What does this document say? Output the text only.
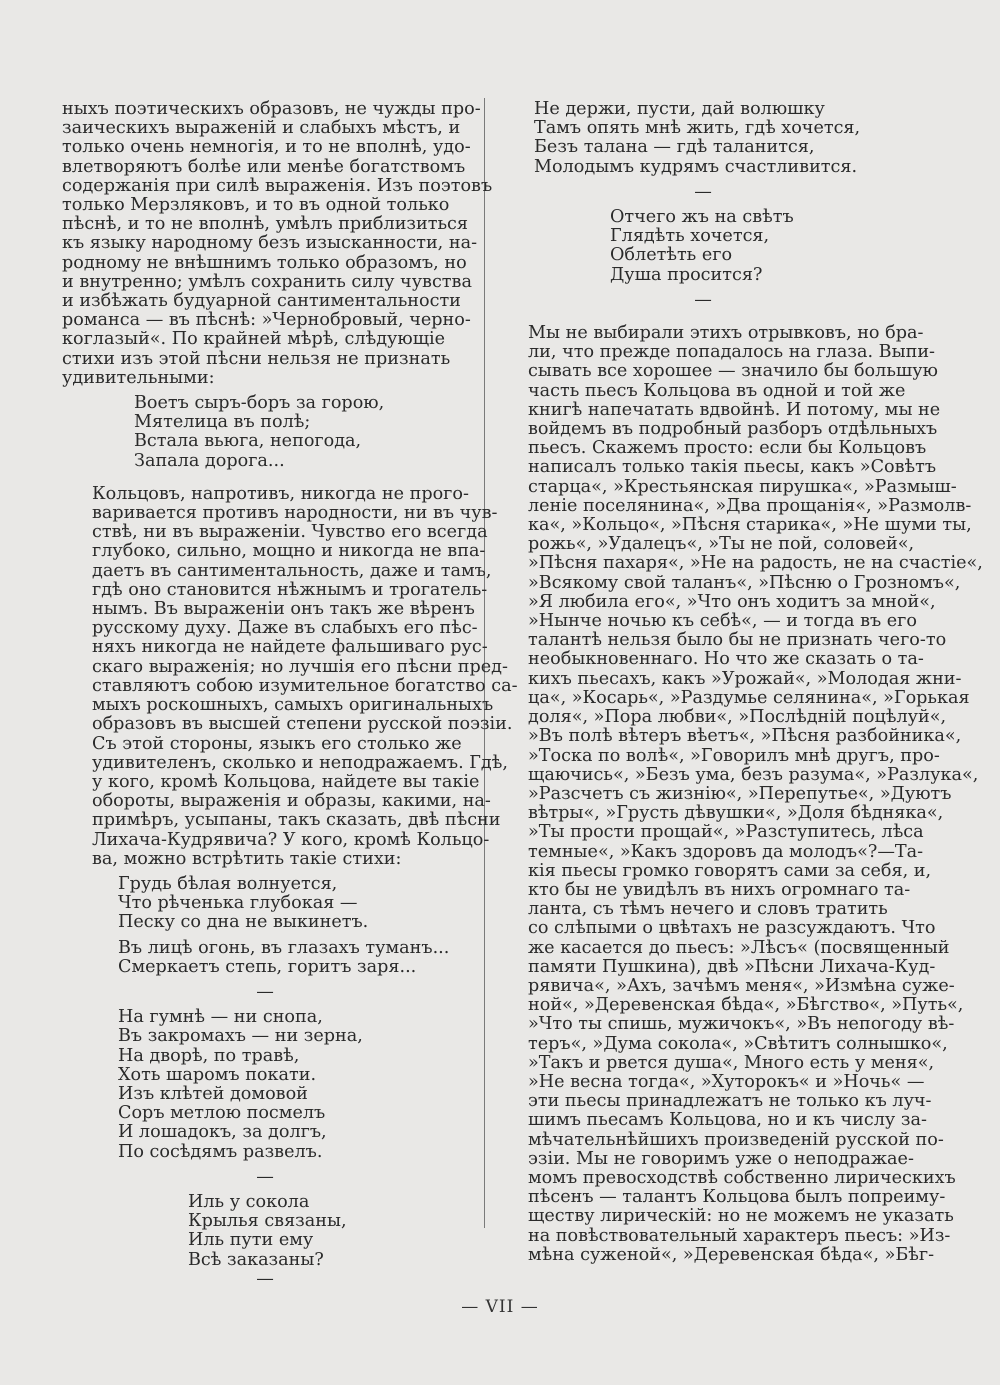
ныхъ поэтическихъ образовъ, не чужды про-
заическихъ выраженій и слабыхъ мѣстъ, и
только очень немногія, и то не вполнѣ, удо-
влетворяютъ болѣе или менѣе богатствомъ
содержанія при силѣ выраженія. Изъ поэтовъ
только Мерзляковъ, и то въ одной только
пѣснѣ, и то не вполнѣ, умѣлъ приблизиться
къ языку народному безъ изысканности, на-
родному не внѣшнимъ только образомъ, но
и внутренно; умѣлъ сохранить силу чувства
и избѣжать будуарной сантиментальности
романса — въ пѣснѣ: »Чернобровый, черно-
коглазый«. По крайней мѣрѣ, слѣдующіе
стихи изъ этой пѣсни нельзя не признать
удивительными:

Воетъ сыръ-боръ за горою,
Мятелица въ полѣ;
Встала вьюга, непогода,
Запала дорога...

Кольцовъ, напротивъ, никогда не прого-
варивается противъ народности, ни въ чув-
ствѣ, ни въ выраженіи. Чувство его всегда
глубоко, сильно, мощно и никогда не впа-
даетъ въ сантиментальность, даже и тамъ,
гдѣ оно становится нѣжнымъ и трогатель-
нымъ. Въ выраженіи онъ такъ же вѣренъ
русскому духу. Даже въ слабыхъ его пѣс-
няхъ никогда не найдете фальшиваго рус-
скаго выраженія; но лучшія его пѣсни пред-
ставляютъ собою изумительное богатство са-
мыхъ роскошныхъ, самыхъ оригинальныхъ
образовъ въ высшей степени русской поэзіи.
Съ этой стороны, языкъ его столько же
удивителенъ, сколько и неподражаемъ. Гдѣ,
у кого, кромѣ Кольцова, найдете вы такіе
обороты, выраженія и образы, какими, на-
примѣръ, усыпаны, такъ сказать, двѣ пѣсни
Лихача-Кудрявича? У кого, кромѣ Кольцо-
ва, можно встрѣтить такіе стихи:

Грудь бѣлая волнуется,
Что рѣченька глубокая —
Песку со дна не выкинетъ.
Въ лицѣ огонь, въ глазахъ туманъ...
Смеркаетъ степь, горитъ заря...
—
На гумнѣ — ни снопа,
Въ закромахъ — ни зерна,
На дворѣ, по травѣ,
Хоть шаромъ покати.
Изъ клѣтей домовой
Соръ метлою посмелъ
И лошадокъ, за долгъ,
По сосѣдямъ развелъ.
—
Иль у сокола
Крылья связаны,
Иль пути ему
Всѣ заказаны?
—
Не держи, пусти, дай волюшку
Тамъ опять мнѣ жить, гдѣ хочется,
Безъ талана — гдѣ таланится,
Молодымъ кудрямъ счастливится.
—
Отчего жъ на свѣтъ
Глядѣть хочется,
Облетѣть его
Душа просится?
—

Мы не выбирали этихъ отрывковъ, но бра-
ли, что прежде попадалось на глаза. Выпи-
сывать все хорошее — значило бы большую
часть пьесъ Кольцова въ одной и той же
книгѣ напечатать вдвойнѣ. И потому, мы не
войдемъ въ подробный разборъ отдѣльныхъ
пьесъ. Скажемъ просто: если бы Кольцовъ
написалъ только такія пьесы, какъ »Совѣтъ
старца«, »Крестьянская пирушка«, »Размыш-
леніе поселянина«, »Два прощанія«, »Размолв-
ка«, »Кольцо«, »Пѣсня старика«, »Не шуми ты,
рожь«, »Удалецъ«, »Ты не пой, соловей«,
»Пѣсня пахаря«, »Не на радость, не на счастіе«,
»Всякому свой таланъ«, »Пѣсню о Грозномъ«,
»Я любила его«, »Что онъ ходитъ за мной«,
»Нынче ночью къ себѣ«, — и тогда въ его
талантѣ нельзя было бы не признать чего-то
необыкновеннаго. Но что же сказать о та-
кихъ пьесахъ, какъ »Урожай«, »Молодая жни-
ца«, »Косарь«, »Раздумье селянина«, »Горькая
доля«, »Пора любви«, »Послѣдній поцѣлуй«,
»Въ полѣ вѣтеръ вѣетъ«, »Пѣсня разбойника«,
»Тоска по волѣ«, »Говорилъ мнѣ другъ, про-
щаючись«, »Безъ ума, безъ разума«, »Разлука«,
»Разсчетъ съ жизнію«, »Перепутье«, »Дуютъ
вѣтры«, »Грусть дѣвушки«, »Доля бѣдняка«,
»Ты прости прощай«, »Разступитесь, лѣса
темные«, »Какъ здоровъ да молодъ«?—Та-
кія пьесы громко говорятъ сами за себя, и,
кто бы не увидѣлъ въ нихъ огромнаго та-
ланта, съ тѣмъ нечего и словъ тратить
со слѣпыми о цвѣтахъ не разсуждаютъ. Что
же касается до пьесъ: »Лѣсъ« (посвященный
памяти Пушкина), двѣ »Пѣсни Лихача-Куд-
рявича«, »Ахъ, зачѣмъ меня«, »Измѣна суже-
ной«, »Деревенская бѣда«, »Бѣгство«, »Путь«,
»Что ты спишь, мужичокъ«, »Въ непогоду вѣ-
теръ«, »Дума сокола«, »Свѣтитъ солнышко«,
»Такъ и рвется душа«, Много есть у меня«,
»Не весна тогда«, »Хуторокъ« и »Ночь« —
эти пьесы принадлежатъ не только къ луч-
шимъ пьесамъ Кольцова, но и къ числу за-
мѣчательнѣйшихъ произведеній русской по-
эзіи. Мы не говоримъ уже о неподражае-
момъ превосходствѣ собственно лирическихъ
пѣсенъ — талантъ Кольцова былъ попреиму-
ществу лирическій: но не можемъ не указать
на повѣствовательный характеръ пьесъ: »Из-
мѣна суженой«, »Деревенская бѣда«, »Бѣг-

— VII —
